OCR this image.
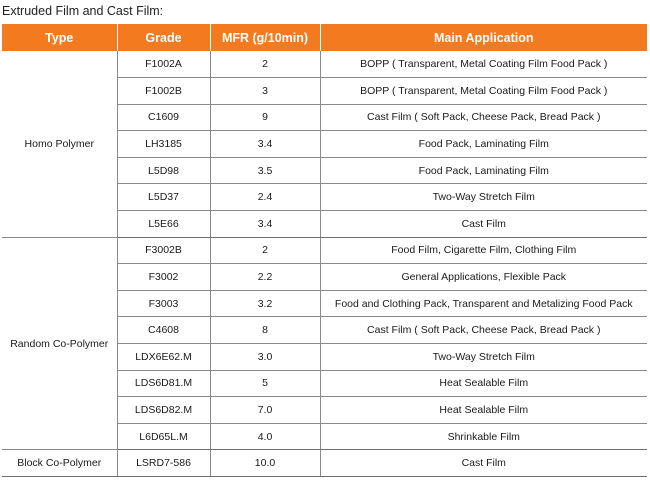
Extruded Film and Cast Film:
Type	Grade	MFR (g/10min)	Main Application
Homo Polymer	F1002A	2	BOPP ( Transparent, Metal Coating Film Food Pack )
	F1002B	3	BOPP ( Transparent, Metal Coating Film Food Pack )
	C1609	9	Cast Film ( Soft Pack, Cheese Pack, Bread Pack )
	LH3185	3.4	Food Pack, Laminating Film
	L5D98	3.5	Food Pack, Laminating Film
	L5D37	2.4	Two-Way Stretch Film
	L5E66	3.4	Cast Film
Random Co-Polymer	F3002B	2	Food Film, Cigarette Film, Clothing Film
	F3002	2.2	General Applications, Flexible Pack
	F3003	3.2	Food and Clothing Pack, Transparent and Metalizing Food Pack
	C4608	8	Cast Film ( Soft Pack, Cheese Pack, Bread Pack )
	LDX6E62.M	3.0	Two-Way Stretch Film
	LDS6D81.M	5	Heat Sealable Film
	LDS6D82.M	7.0	Heat Sealable Film
	L6D65L.M	4.0	Shrinkable Film
Block Co-Polymer	LSRD7-586	10.0	Cast Film
